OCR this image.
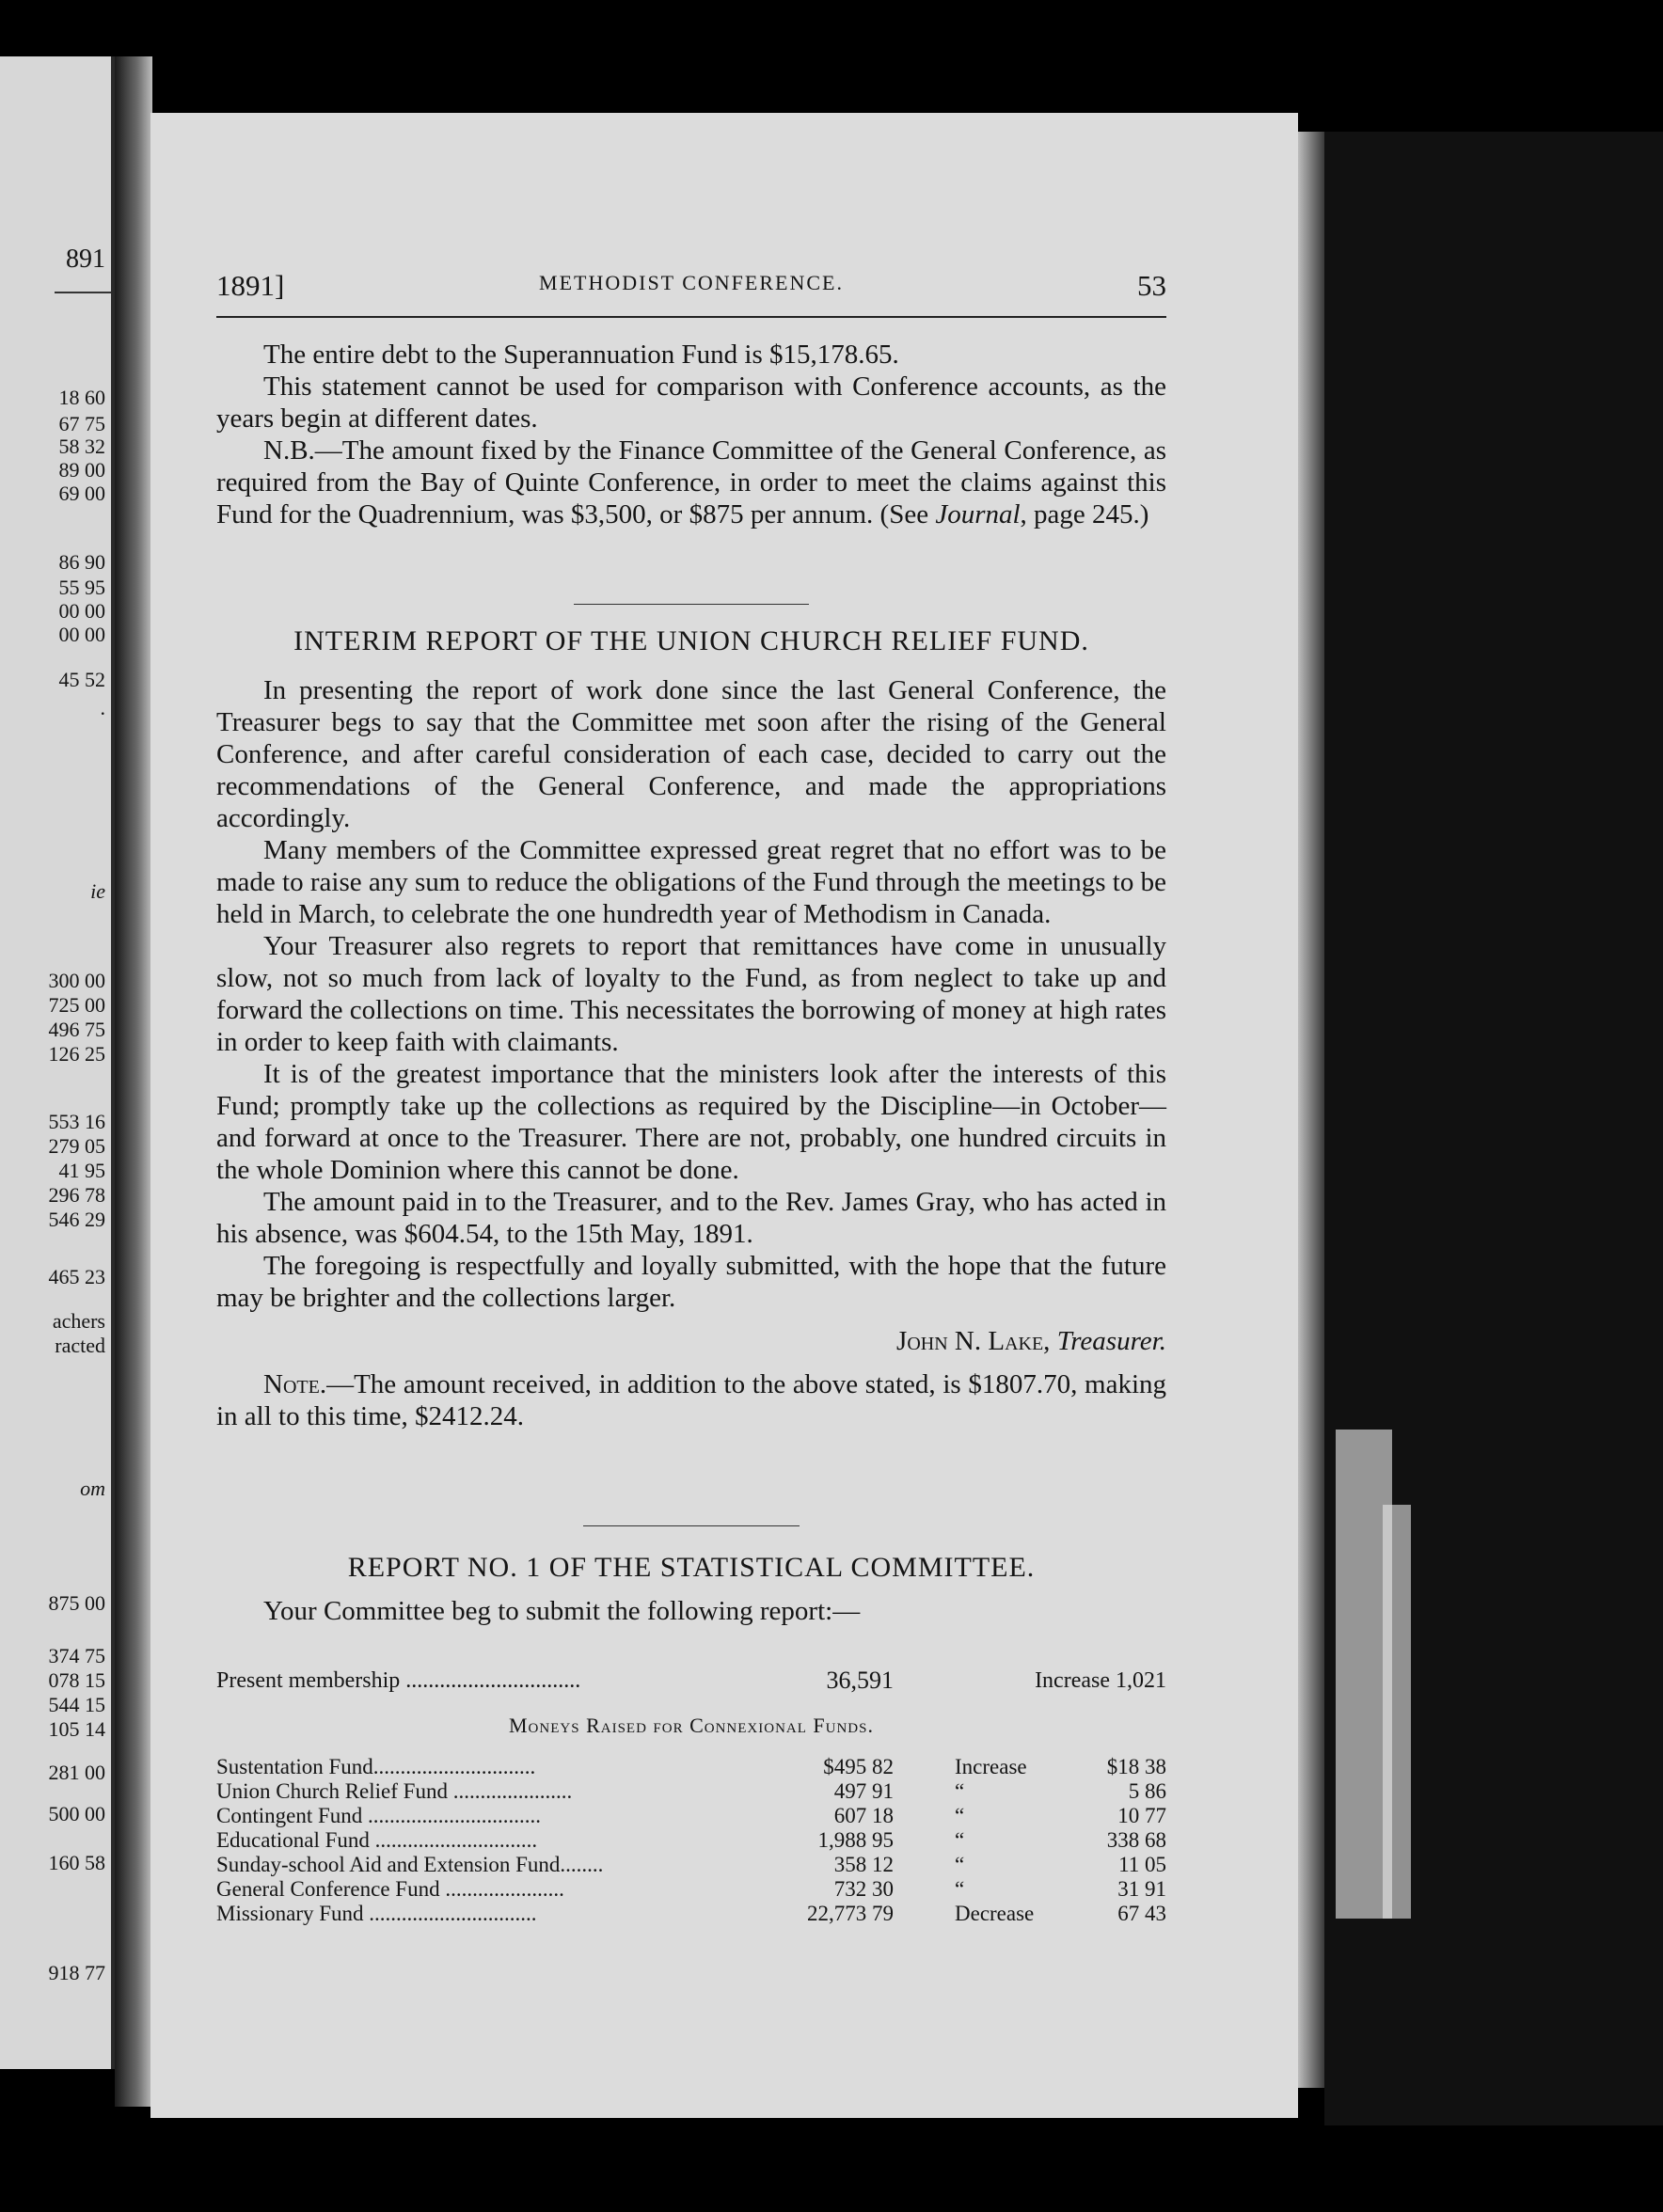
891
18 60
67 75
58 32
89 00
69 00
86 90
55 95
00 00
00 00
45 52
.
ie
300 00
725 00
496 75
126 25
553 16
279 05
41 95
296 78
546 29
465 23
achers
racted
om
875 00
374 75
078 15
544 15
105 14
281 00
500 00
160 58
918 77
1891]	METHODIST CONFERENCE.	53

The entire debt to the Superannuation Fund is $15,178.65.

This statement cannot be used for comparison with Conference accounts, as the years begin at different dates.

N.B.—The amount fixed by the Finance Committee of the General Conference, as required from the Bay of Quinte Conference, in order to meet the claims against this Fund for the Quadrennium, was $3,500, or $875 per annum. (See Journal, page 245.)

INTERIM REPORT OF THE UNION CHURCH RELIEF FUND.

In presenting the report of work done since the last General Conference, the Treasurer begs to say that the Committee met soon after the rising of the General Conference, and after careful consideration of each case, decided to carry out the recommendations of the General Conference, and made the appropriations accordingly.

Many members of the Committee expressed great regret that no effort was to be made to raise any sum to reduce the obligations of the Fund through the meetings to be held in March, to celebrate the one hundredth year of Methodism in Canada.

Your Treasurer also regrets to report that remittances have come in unusually slow, not so much from lack of loyalty to the Fund, as from neglect to take up and forward the collections on time. This necessitates the borrowing of money at high rates in order to keep faith with claimants.

It is of the greatest importance that the ministers look after the interests of this Fund; promptly take up the collections as required by the Discipline—in October—and forward at once to the Treasurer. There are not, probably, one hundred circuits in the whole Dominion where this cannot be done.

The amount paid in to the Treasurer, and to the Rev. James Gray, who has acted in his absence, was $604.54, to the 15th May, 1891.

The foregoing is respectfully and loyally submitted, with the hope that the future may be brighter and the collections larger.

John N. Lake, Treasurer.

Note.—The amount received, in addition to the above stated, is $1807.70, making in all to this time, $2412.24.

REPORT NO. 1 OF THE STATISTICAL COMMITTEE.

Your Committee beg to submit the following report:—

Present membership ...............................	36,591	Increase 1,021
Moneys Raised for Connexional Funds.
Sustentation Fund..............................	$495 82	Increase	$18 38
Union Church Relief Fund ......................	497 91	“	5 86
Contingent Fund ................................	607 18	“	10 77
Educational Fund ..............................	1,988 95	“	338 68
Sunday-school Aid and Extension Fund........	358 12	“	11 05
General Conference Fund ......................	732 30	“	31 91
Missionary Fund ...............................	22,773 79	Decrease	67 43
